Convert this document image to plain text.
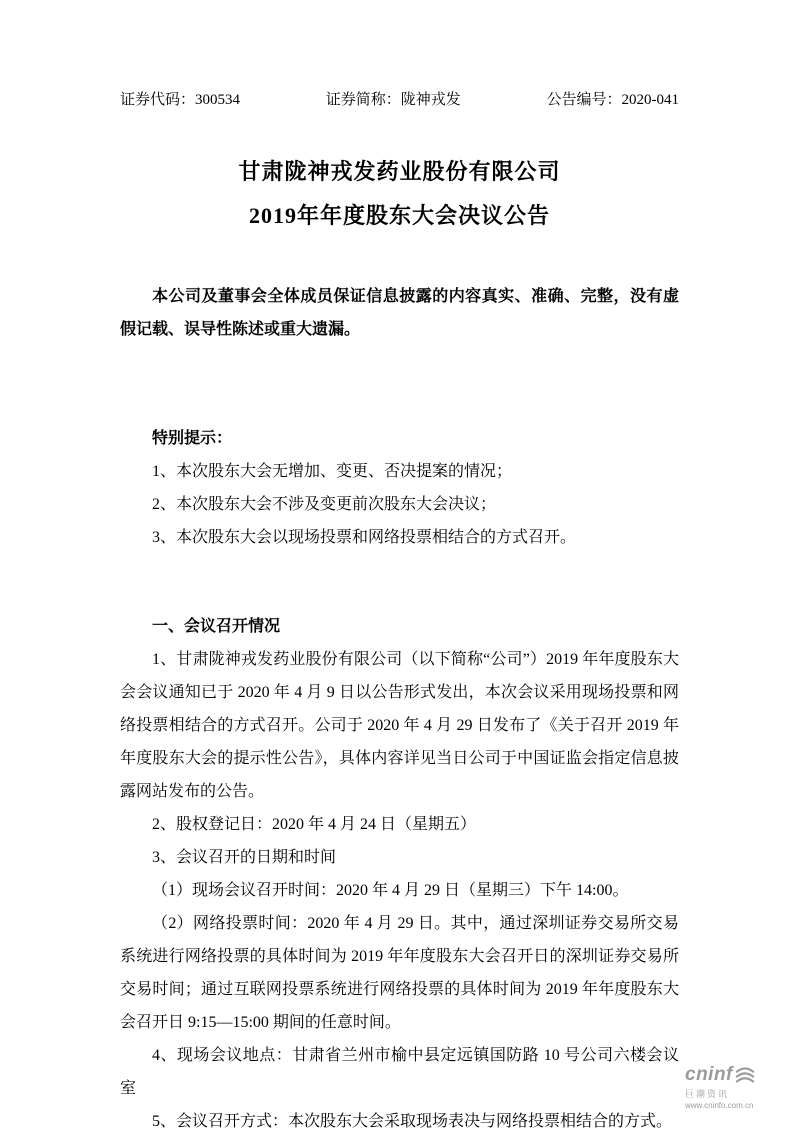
证券代码：300534	证券简称：陇神戎发	公告编号：2020-041
甘肃陇神戎发药业股份有限公司
2019年年度股东大会决议公告

本公司及董事会全体成员保证信息披露的内容真实、准确、完整，没有虚假记载、误导性陈述或重大遗漏。

特别提示：

1、本次股东大会无增加、变更、否决提案的情况；

2、本次股东大会不涉及变更前次股东大会决议；

3、本次股东大会以现场投票和网络投票相结合的方式召开。

一、会议召开情况

1、甘肃陇神戎发药业股份有限公司（以下简称“公司”）2019 年年度股东大会会议通知已于 2020 年 4 月 9 日以公告形式发出，本次会议采用现场投票和网络投票相结合的方式召开。公司于 2020 年 4 月 29 日发布了《关于召开 2019 年年度股东大会的提示性公告》，具体内容详见当日公司于中国证监会指定信息披露网站发布的公告。

2、股权登记日：2020 年 4 月 24 日（星期五）

3、会议召开的日期和时间

（1）现场会议召开时间：2020 年 4 月 29 日（星期三）下午 14:00。

（2）网络投票时间：2020 年 4 月 29 日。其中，通过深圳证券交易所交易系统进行网络投票的具体时间为 2019 年年度股东大会召开日的深圳证券交易所交易时间；通过互联网投票系统进行网络投票的具体时间为 2019 年年度股东大会召开日 9:15—15:00 期间的任意时间。

4、现场会议地点：甘肃省兰州市榆中县定远镇国防路 10 号公司六楼会议室

5、会议召开方式：本次股东大会采取现场表决与网络投票相结合的方式。

cninf
巨潮资讯
www.cninfo.com.cn
